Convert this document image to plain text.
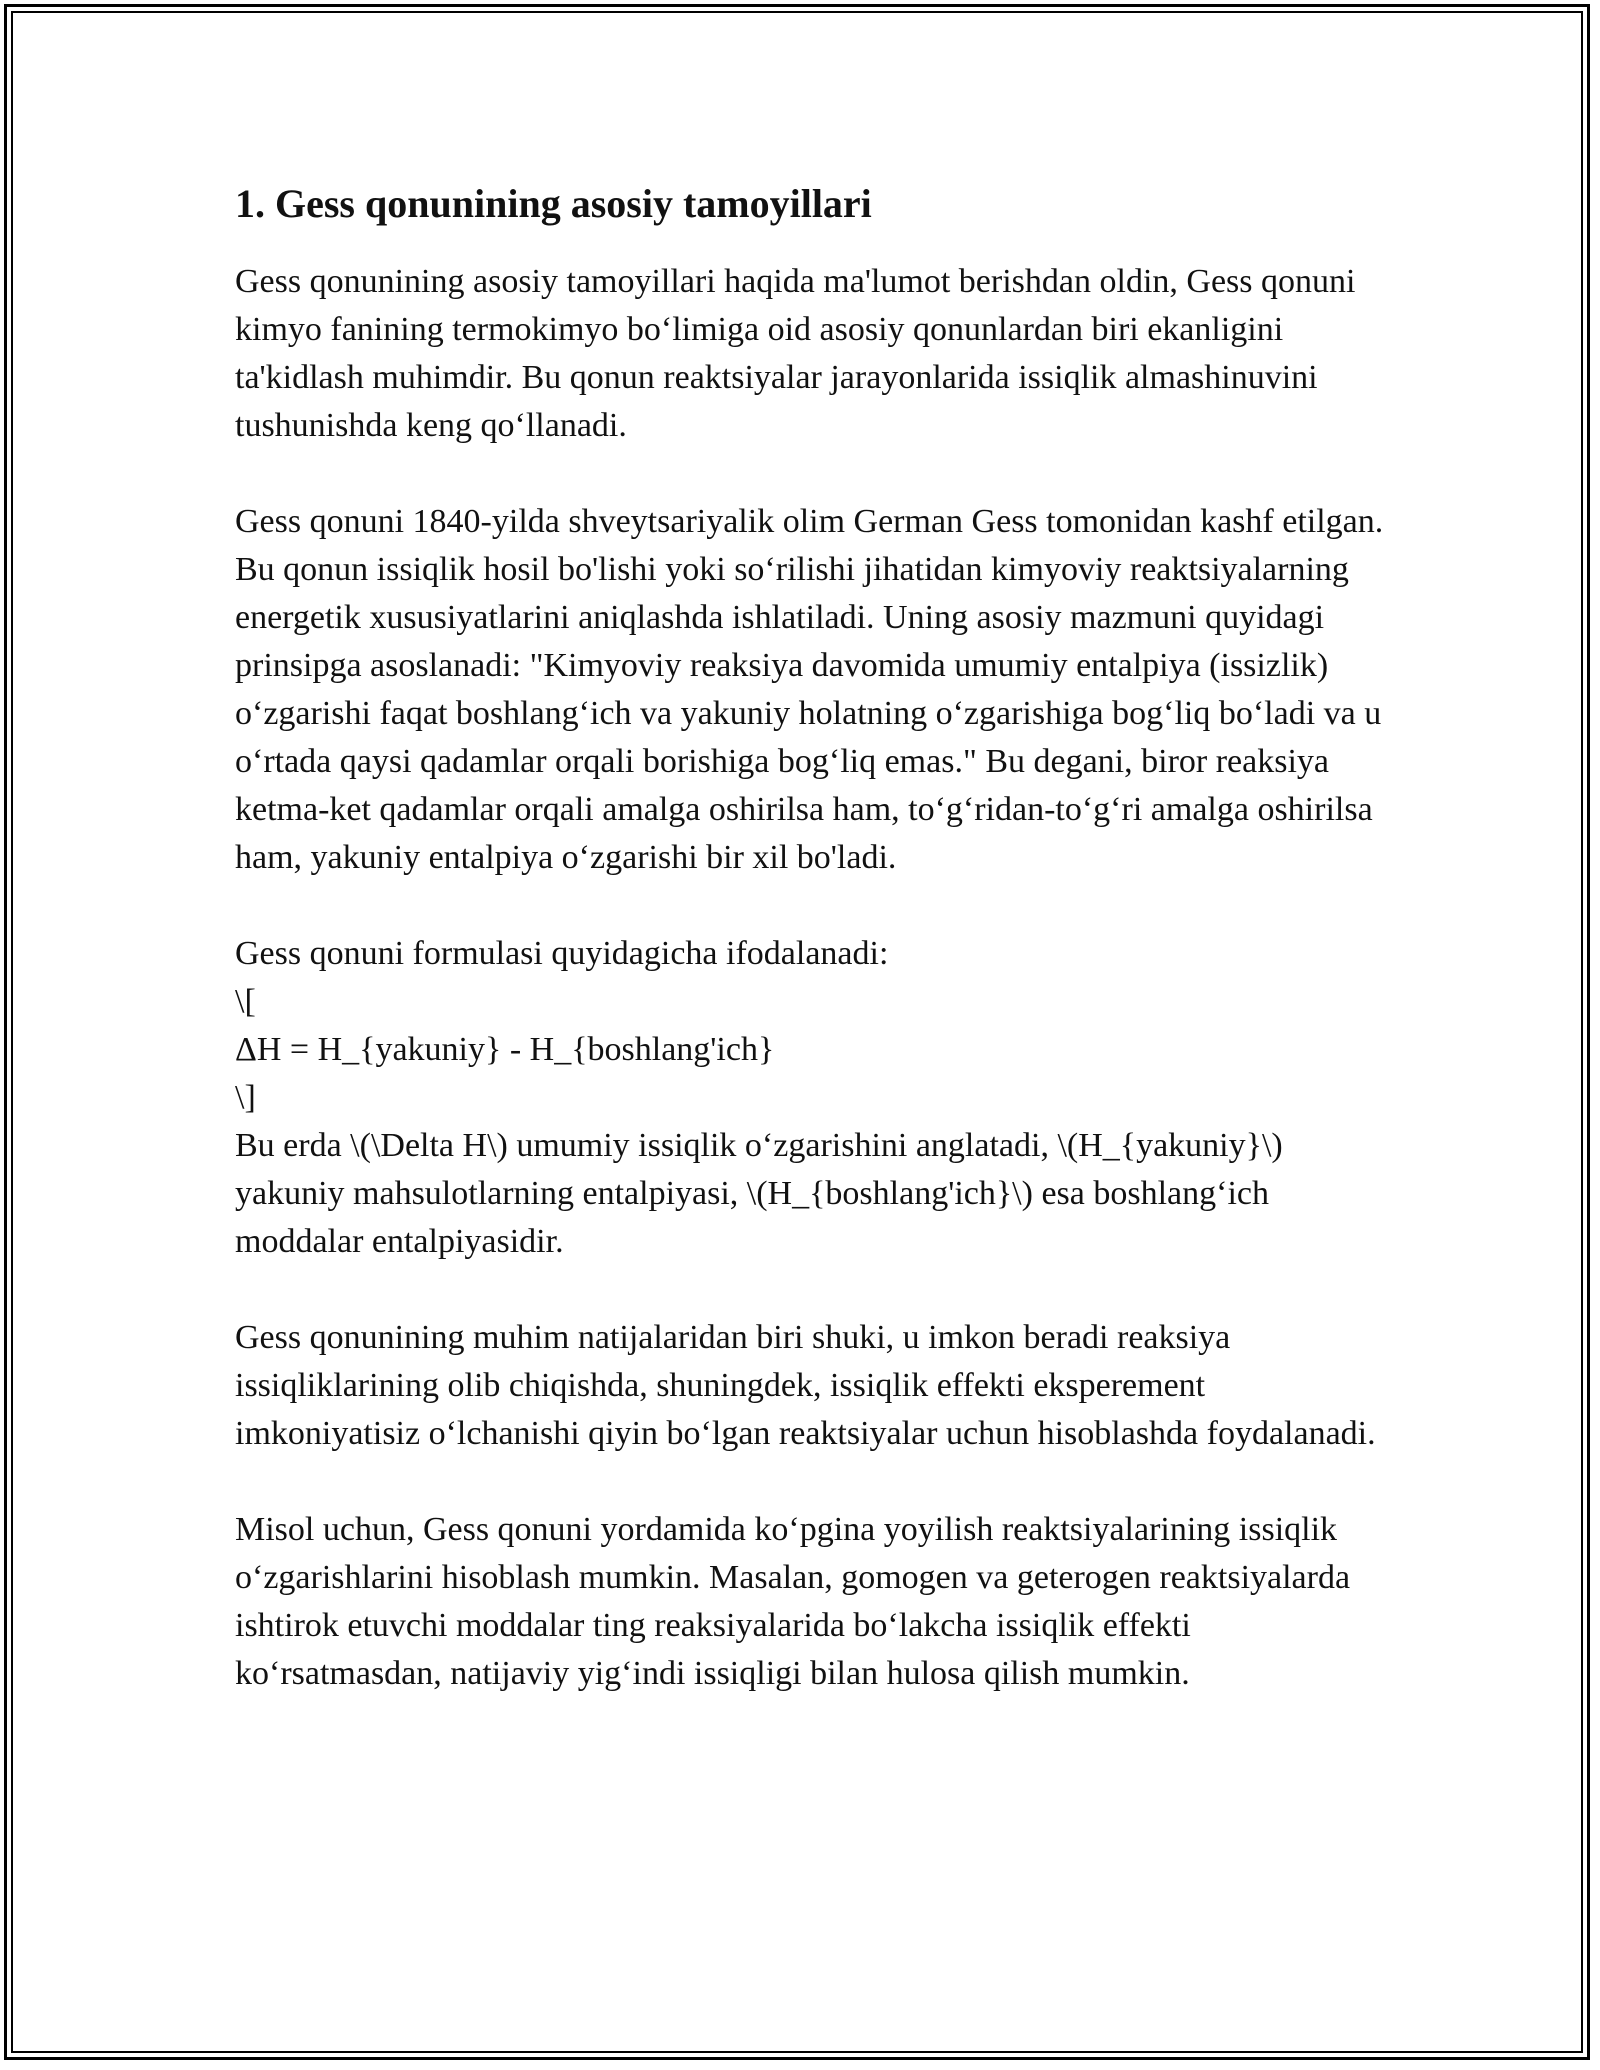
1. Gess qonunining asosiy tamoyillari

Gess qonunining asosiy tamoyillari haqida ma'lumot berishdan oldin, Gess qonuni kimyo fanining termokimyo bo‘limiga oid asosiy qonunlardan biri ekanligini ta'kidlash muhimdir. Bu qonun reaktsiyalar jarayonlarida issiqlik almashinuvini tushunishda keng qo‘llanadi.

Gess qonuni 1840-yilda shveytsariyalik olim German Gess tomonidan kashf etilgan. Bu qonun issiqlik hosil bo'lishi yoki so‘rilishi jihatidan kimyoviy reaktsiyalarning energetik xususiyatlarini aniqlashda ishlatiladi. Uning asosiy mazmuni quyidagi prinsipga asoslanadi: "Kimyoviy reaksiya davomida umumiy entalpiya (issizlik) o‘zgarishi faqat boshlang‘ich va yakuniy holatning o‘zgarishiga bog‘liq bo‘ladi va u o‘rtada qaysi qadamlar orqali borishiga bog‘liq emas." Bu degani, biror reaksiya ketma-ket qadamlar orqali amalga oshirilsa ham, to‘g‘ridan-to‘g‘ri amalga oshirilsa ham, yakuniy entalpiya o‘zgarishi bir xil bo'ladi.

Gess qonuni formulasi quyidagicha ifodalanadi:
\[
ΔH = H_{yakuniy} - H_{boshlang'ich}
\]
Bu erda \(\Delta H\) umumiy issiqlik o‘zgarishini anglatadi, \(H_{yakuniy}\) yakuniy mahsulotlarning entalpiyasi, \(H_{boshlang'ich}\) esa boshlang‘ich moddalar entalpiyasidir.

Gess qonunining muhim natijalaridan biri shuki, u imkon beradi reaksiya issiqliklarining olib chiqishda, shuningdek, issiqlik effekti eksperement imkoniyatisiz o‘lchanishi qiyin bo‘lgan reaktsiyalar uchun hisoblashda foydalanadi.

Misol uchun, Gess qonuni yordamida ko‘pgina yoyilish reaktsiyalarining issiqlik o‘zgarishlarini hisoblash mumkin. Masalan, gomogen va geterogen reaktsiyalarda ishtirok etuvchi moddalar ting reaksiyalarida bo‘lakcha issiqlik effekti ko‘rsatmasdan, natijaviy yig‘indi issiqligi bilan hulosa qilish mumkin.
